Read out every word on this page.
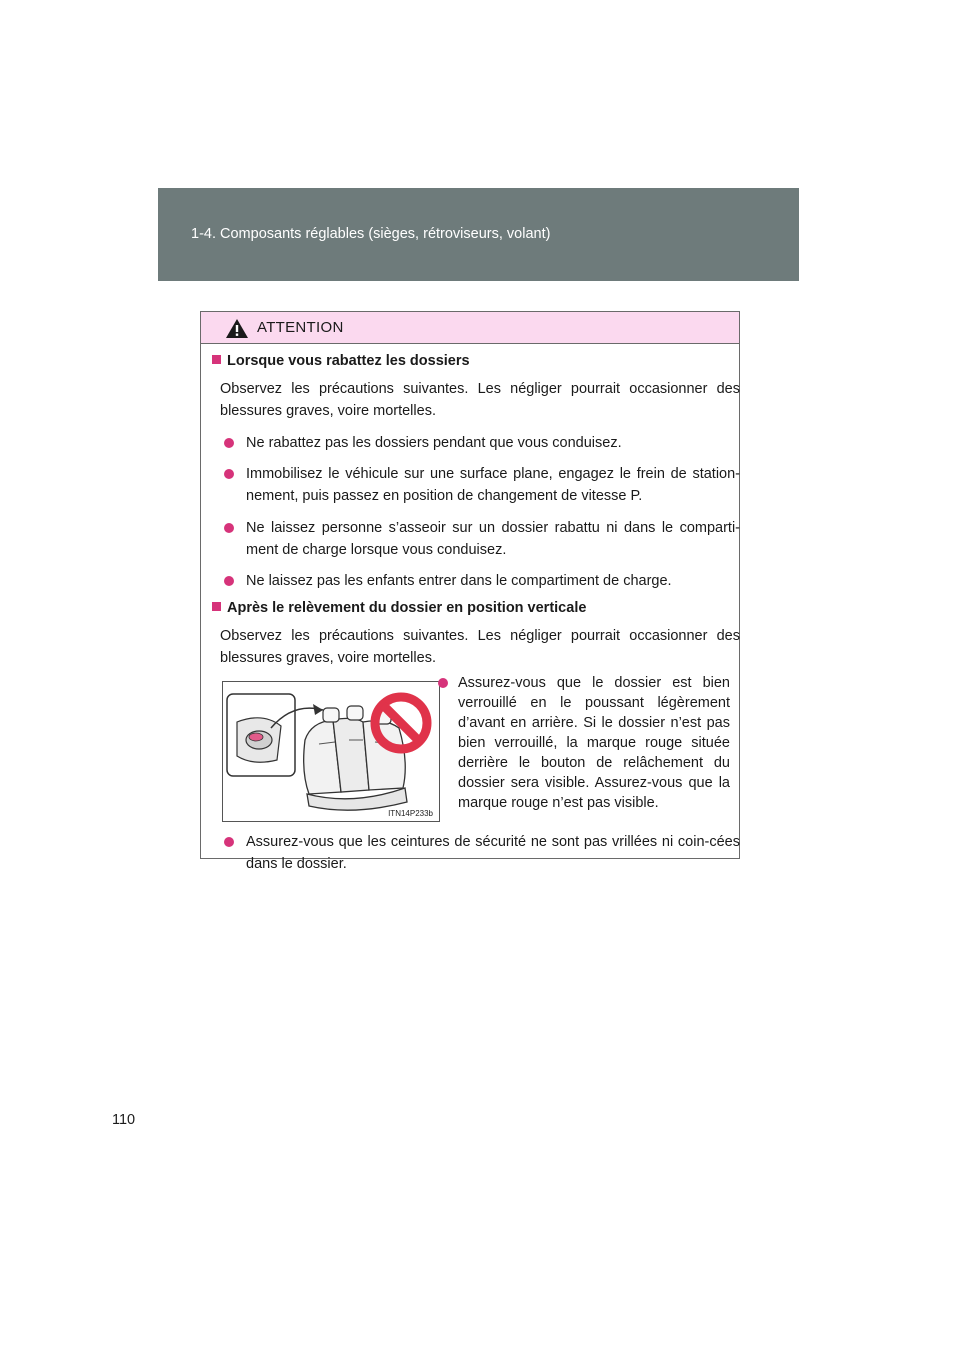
1-4. Composants réglables (sièges, rétroviseurs, volant)
ATTENTION
Lorsque vous rabattez les dossiers
Observez les précautions suivantes. Les négliger pourrait occasionner des blessures graves, voire mortelles.
Ne rabattez pas les dossiers pendant que vous conduisez.
Immobilisez le véhicule sur une surface plane, engagez le frein de station-nement, puis passez en position de changement de vitesse P.
Ne laissez personne s’asseoir sur un dossier rabattu ni dans le comparti-ment de charge lorsque vous conduisez.
Ne laissez pas les enfants entrer dans le compartiment de charge.
Après le relèvement du dossier en position verticale
Observez les précautions suivantes. Les négliger pourrait occasionner des blessures graves, voire mortelles.
ITN14P233b
Assurez-vous que le dossier est bien verrouillé en le poussant légèrement d’avant en arrière. Si le dossier n’est pas bien verrouillé, la marque rouge située derrière le bouton de relâchement du dossier sera visible. Assurez-vous que la marque rouge n’est pas visible.
Assurez-vous que les ceintures de sécurité ne sont pas vrillées ni coin-cées dans le dossier.
110
